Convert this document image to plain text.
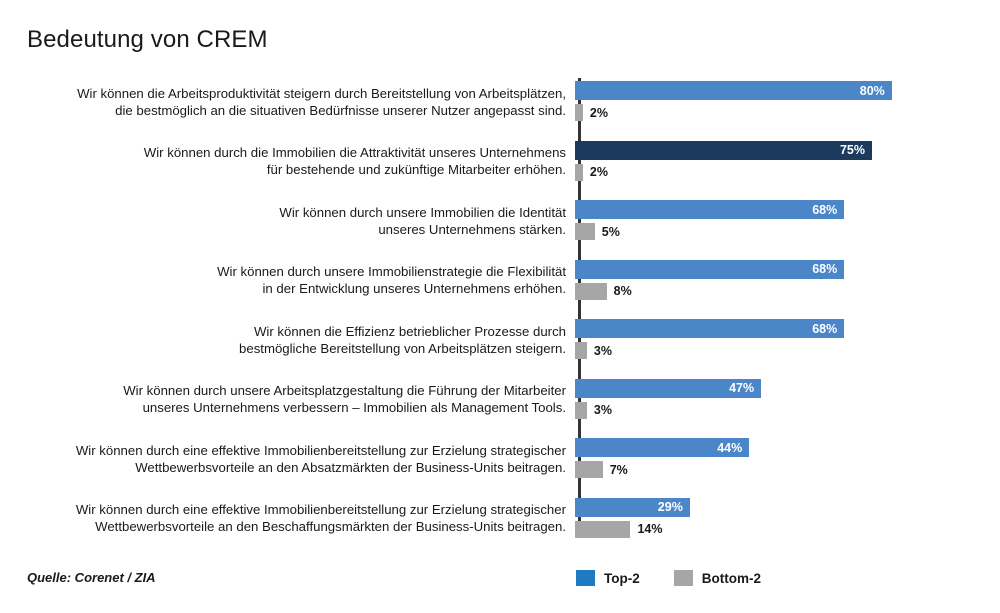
Bedeutung von CREM
Wir können die Arbeitsproduktivität steigern durch Bereitstellung von Arbeitsplätzen,
die bestmöglich an die situativen Bedürfnisse unserer Nutzer angepasst sind.
80%
2%
Wir können durch die Immobilien die Attraktivität unseres Unternehmens
für bestehende und zukünftige Mitarbeiter erhöhen.
75%
2%
Wir können durch unsere Immobilien die Identität
unseres Unternehmens stärken.
68%
5%
Wir können durch unsere Immobilienstrategie die Flexibilität
in der Entwicklung unseres Unternehmens erhöhen.
68%
8%
Wir können die Effizienz betrieblicher Prozesse durch
bestmögliche Bereitstellung von Arbeitsplätzen steigern.
68%
3%
Wir können durch unsere Arbeitsplatzgestaltung die Führung der Mitarbeiter
unseres Unternehmens verbessern – Immobilien als Management Tools.
47%
3%
Wir können durch eine effektive Immobilienbereitstellung zur Erzielung strategischer
Wettbewerbsvorteile an den Absatzmärkten der Business-Units beitragen.
44%
7%
Wir können durch eine effektive Immobilienbereitstellung zur Erzielung strategischer
Wettbewerbsvorteile an den Beschaffungsmärkten der Business-Units beitragen.
29%
14%
Quelle: Corenet / ZIA	Top-2	Bottom-2
